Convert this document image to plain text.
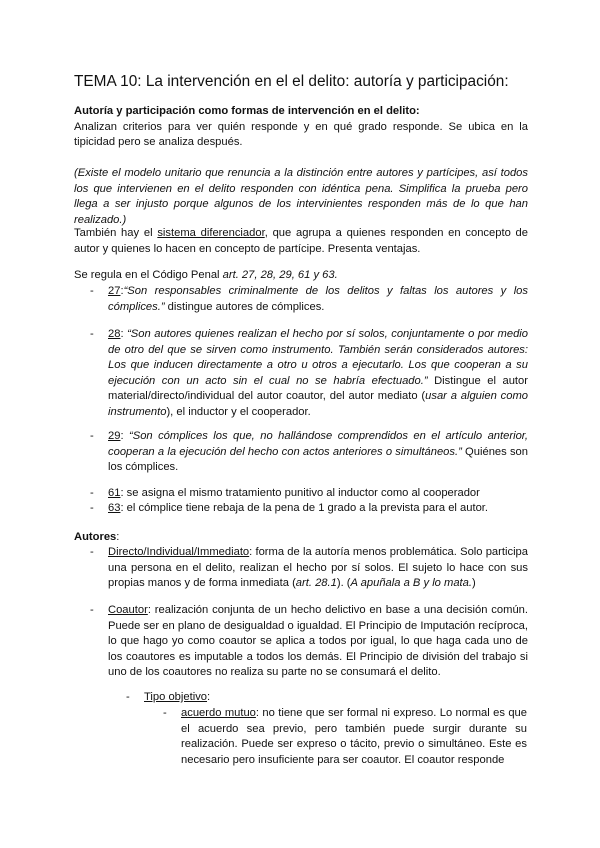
TEMA 10: La intervención en el el delito: autoría y participación:

Autoría y participación como formas de intervención en el delito:

Analizan criterios para ver quién responde y en qué grado responde. Se ubica en la tipicidad pero se analiza después.

(Existe el modelo unitario que renuncia a la distinción entre autores y partícipes, así todos los que intervienen en el delito responden con idéntica pena. Simplifica la prueba pero llega a ser injusto porque algunos de los intervinientes responden más de lo que han realizado.)
También hay el sistema diferenciador, que agrupa a quienes responden en concepto de autor y quienes lo hacen en concepto de partícipe. Presenta ventajas.
Se regula en el Código Penal art. 27, 28, 29, 61 y 63.
- 27:“Son responsables criminalmente de los delitos y faltas los autores y los cómplices.” distingue autores de cómplices.
- 28: “Son autores quienes realizan el hecho por sí solos, conjuntamente o por medio de otro del que se sirven como instrumento. También serán considerados autores: Los que inducen directamente a otro u otros a ejecutarlo. Los que cooperan a su ejecución con un acto sin el cual no se habría efectuado.” Distingue el autor material/directo/individual del autor coautor, del autor mediato (usar a alguien como instrumento), el inductor y el cooperador.
- 29: “Son cómplices los que, no hallándose comprendidos en el artículo anterior, cooperan a la ejecución del hecho con actos anteriores o simultáneos.” Quiénes son los cómplices.
- 61: se asigna el mismo tratamiento punitivo al inductor como al cooperador
- 63: el cómplice tiene rebaja de la pena de 1 grado a la prevista para el autor.
Autores:
- Directo/Individual/Immediato: forma de la autoría menos problemática. Solo participa una persona en el delito, realizan el hecho por sí solos. El sujeto lo hace con sus propias manos y de forma inmediata (art. 28.1). (A apuñala a B y lo mata.)
- Coautor: realización conjunta de un hecho delictivo en base a una decisión común. Puede ser en plano de desigualdad o igualdad. El Principio de Imputación recíproca, lo que hago yo como coautor se aplica a todos por igual, lo que haga cada uno de los coautores es imputable a todos los demás. El Principio de división del trabajo si uno de los coautores no realiza su parte no se consumará el delito.
- Tipo objetivo:
- acuerdo mutuo: no tiene que ser formal ni expreso. Lo normal es que el acuerdo sea previo, pero también puede surgir durante su realización. Puede ser expreso o tácito, previo o simultáneo. Este es necesario pero insuficiente para ser coautor. El coautor responde
